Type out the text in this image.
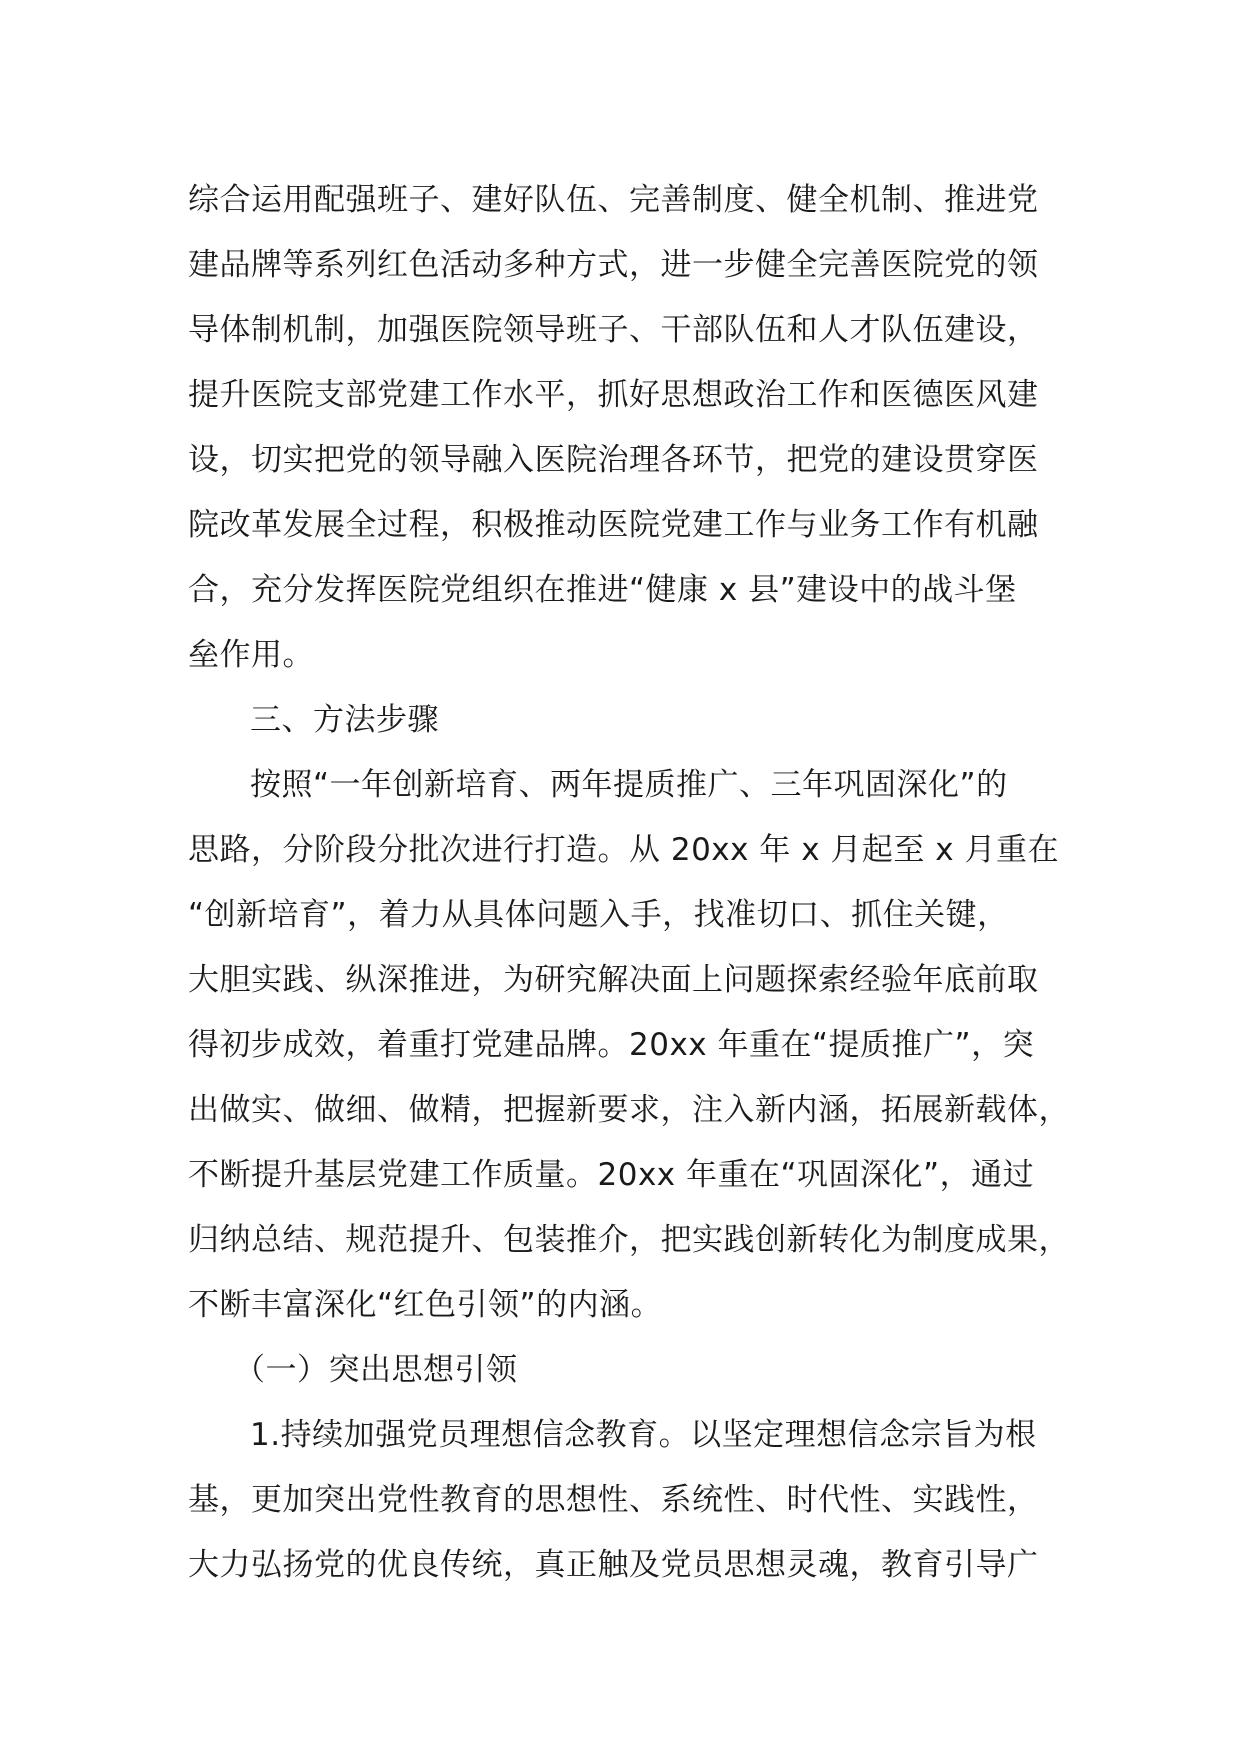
综合运用配强班子、建好队伍、完善制度、健全机制、推进党
建品牌等系列红色活动多种方式，进一步健全完善医院党的领
导体制机制，加强医院领导班子、干部队伍和人才队伍建设，
提升医院支部党建工作水平，抓好思想政治工作和医德医风建
设，切实把党的领导融入医院治理各环节，把党的建设贯穿医
院改革发展全过程，积极推动医院党建工作与业务工作有机融
合，充分发挥医院党组织在推进“健康 x 县”建设中的战斗堡
垒作用。
三、方法步骤
按照“一年创新培育、两年提质推广、三年巩固深化”的
思路，分阶段分批次进行打造。从 20xx 年 x 月起至 x 月重在
“创新培育”，着力从具体问题入手，找准切口、抓住关键，
大胆实践、纵深推进，为研究解决面上问题探索经验年底前取
得初步成效，着重打党建品牌。20xx 年重在“提质推广”，突
出做实、做细、做精，把握新要求，注入新内涵，拓展新载体，
不断提升基层党建工作质量。20xx 年重在“巩固深化”，通过
归纳总结、规范提升、包装推介，把实践创新转化为制度成果，
不断丰富深化“红色引领”的内涵。
（一）突出思想引领
1.持续加强党员理想信念教育。以坚定理想信念宗旨为根
基，更加突出党性教育的思想性、系统性、时代性、实践性，
大力弘扬党的优良传统，真正触及党员思想灵魂，教育引导广
